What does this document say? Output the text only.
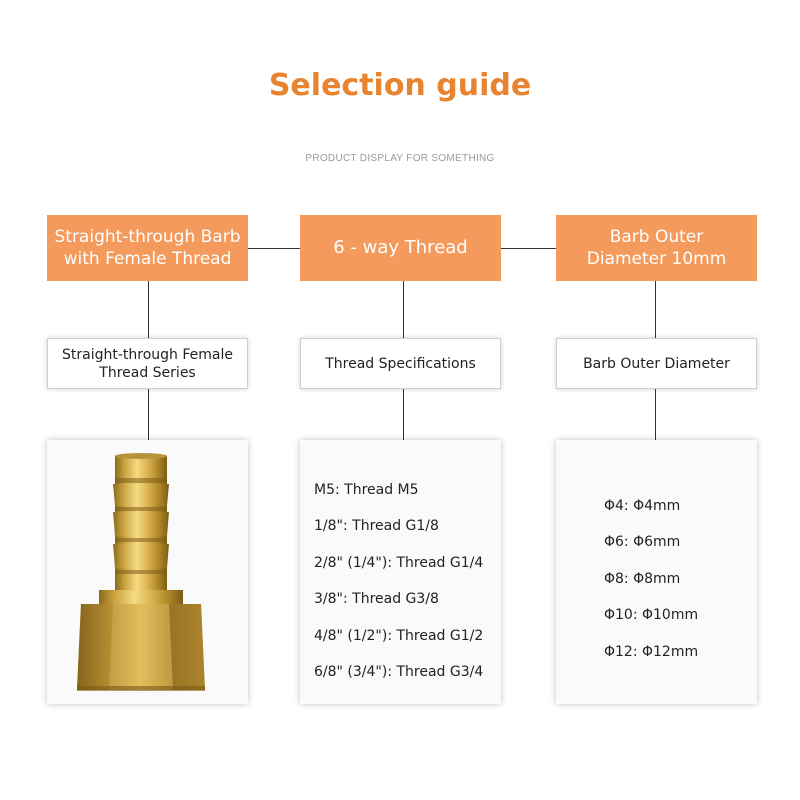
Selection guide
PRODUCT DISPLAY FOR SOMETHING
Straight-through Barb with Female Thread
6 - way Thread	Barb Outer Diameter 10mm
Straight-through Female Thread Series
Thread Specifications	Barb Outer Diameter
M5: Thread M5
1/8": Thread G1/8
2/8" (1/4"): Thread G1/4
3/8": Thread G3/8
4/8" (1/2"): Thread G1/2
6/8" (3/4"): Thread G3/4
Φ4: Φ4mm
Φ6: Φ6mm
Φ8: Φ8mm
Φ10: Φ10mm
Φ12: Φ12mm
